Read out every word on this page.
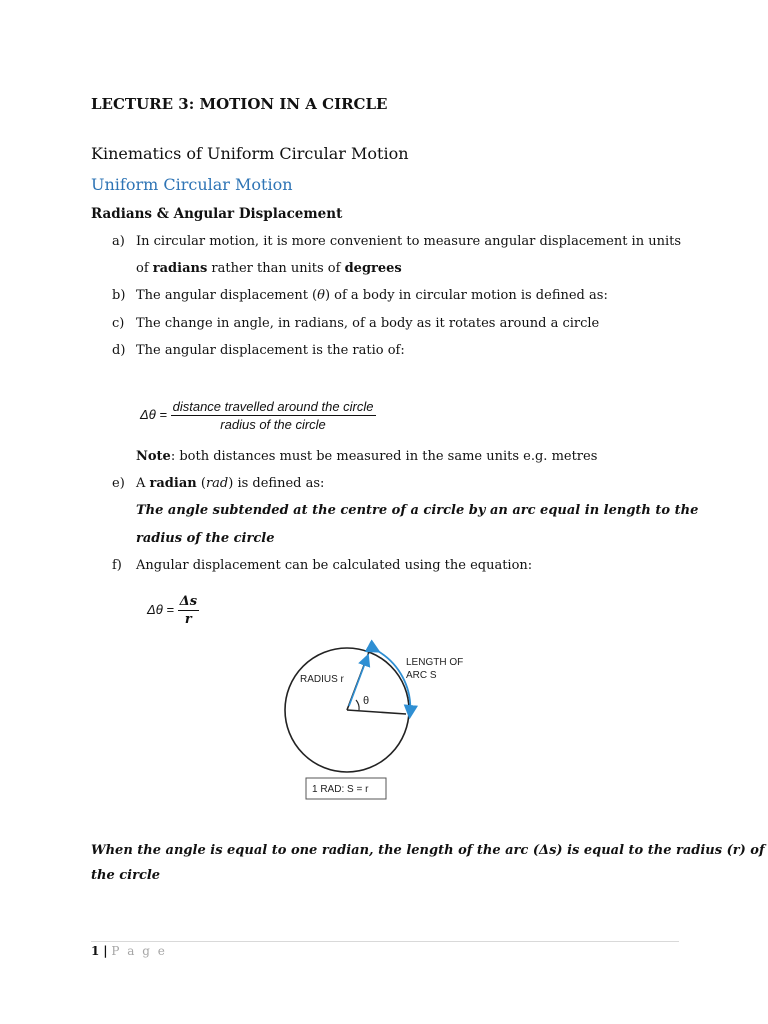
LECTURE 3: MOTION IN A CIRCLE
Kinematics of Uniform Circular Motion
Uniform Circular Motion
Radians & Angular Displacement
a) In circular motion, it is more convenient to measure angular displacement in units
of radians rather than units of degrees
b) The angular displacement (θ) of a body in circular motion is defined as:
c) The change in angle, in radians, of a body as it rotates around a circle
d) The angular displacement is the ratio of:
$\Delta\theta = \frac{\text{distance travelled around the circle}}{\text{radius of the circle}}$
Note: both distances must be measured in the same units e.g. metres
e) A radian (rad) is defined as:
The angle subtended at the centre of a circle by an arc equal in length to the
radius of the circle
f) Angular displacement can be calculated using the equation:
$\Delta\theta = \frac{\Delta s}{r}$
RADIUS r
θ
LENGTH OF
ARC S
1 RAD: S = r
When the angle is equal to one radian, the length of the arc (Δs) is equal to the radius (r) of
the circle
1 | P a g e
